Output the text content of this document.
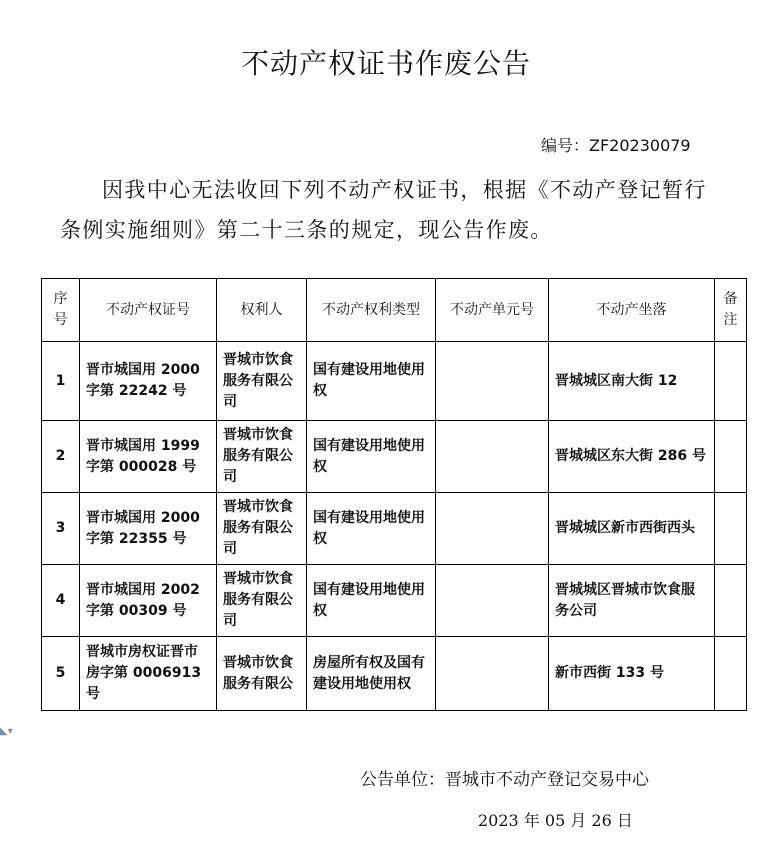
不动产权证书作废公告
编号：ZF20230079
因我中心无法收回下列不动产权证书，根据《不动产登记暂行条例实施细则》第二十三条的规定，现公告作废。
序号	不动产权证号	权利人	不动产权利类型	不动产单元号	不动产坐落	备注
1	晋市城国用 2000 字第 22242 号	晋城市饮食服务有限公司	国有建设用地使用权		晋城城区南大街 12	
2	晋市城国用 1999 字第 000028 号	晋城市饮食服务有限公司	国有建设用地使用权		晋城城区东大街 286 号	
3	晋市城国用 2000 字第 22355 号	晋城市饮食服务有限公司	国有建设用地使用权		晋城城区新市西街西头	
4	晋市城国用 2002 字第 00309 号	晋城市饮食服务有限公司	国有建设用地使用权		晋城城区晋城市饮食服务公司	
5	晋城市房权证晋市房字第 0006913 号	晋城市饮食服务有限公	房屋所有权及国有建设用地使用权		新市西街 133 号	
◣▾
公告单位：晋城市不动产登记交易中心
2023 年 05 月 26 日
